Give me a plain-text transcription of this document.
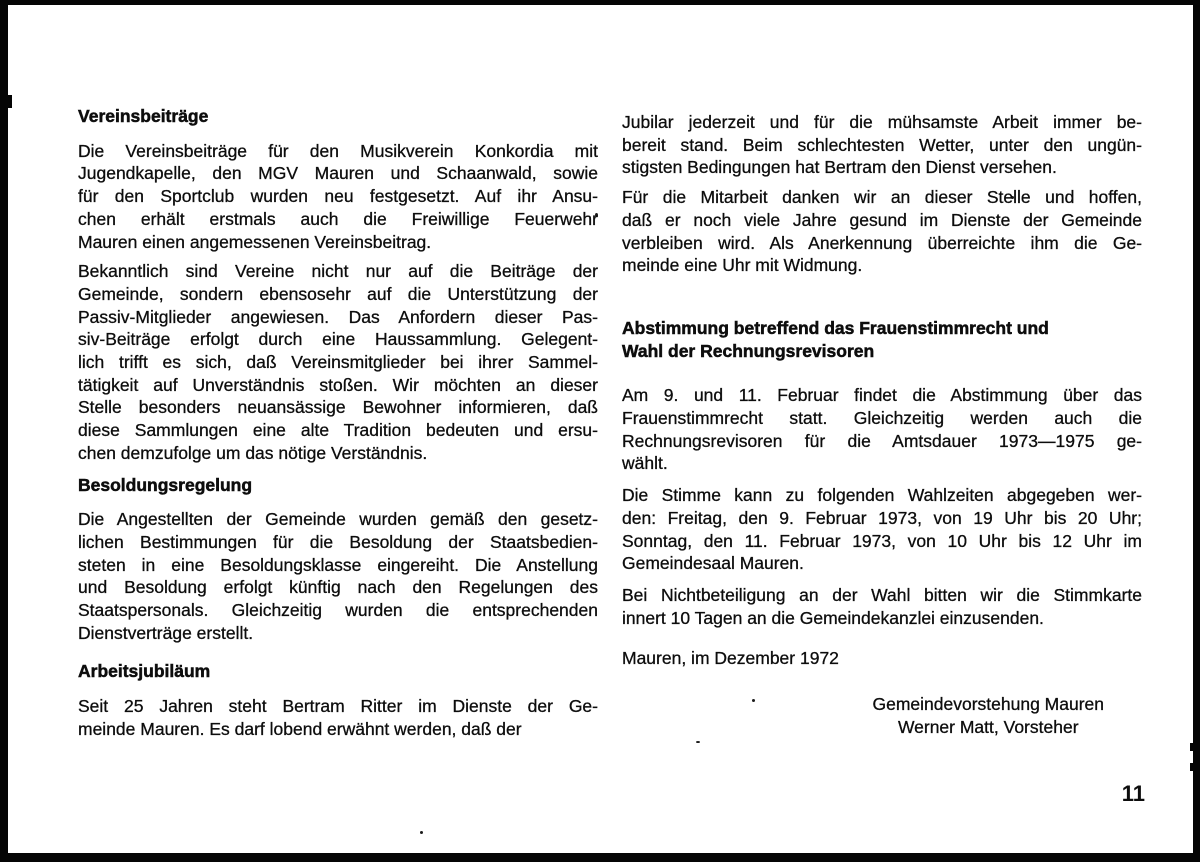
Vereinsbeiträge
Die Vereinsbeiträge für den Musikverein Konkordia mit
Jugendkapelle, den MGV Mauren und Schaanwald, sowie
für den Sportclub wurden neu festgesetzt. Auf ihr Ansu-
chen erhält erstmals auch die Freiwillige Feuerwehr
Mauren einen angemessenen Vereinsbeitrag.
Bekanntlich sind Vereine nicht nur auf die Beiträge der
Gemeinde, sondern ebensosehr auf die Unterstützung der
Passiv-Mitglieder angewiesen. Das Anfordern dieser Pas-
siv-Beiträge erfolgt durch eine Haussammlung. Gelegent-
lich trifft es sich, daß Vereinsmitglieder bei ihrer Sammel-
tätigkeit auf Unverständnis stoßen. Wir möchten an dieser
Stelle besonders neuansässige Bewohner informieren, daß
diese Sammlungen eine alte Tradition bedeuten und ersu-
chen demzufolge um das nötige Verständnis.
Besoldungsregelung
Die Angestellten der Gemeinde wurden gemäß den gesetz-
lichen Bestimmungen für die Besoldung der Staatsbedien-
steten in eine Besoldungsklasse eingereiht. Die Anstellung
und Besoldung erfolgt künftig nach den Regelungen des
Staatspersonals. Gleichzeitig wurden die entsprechenden
Dienstverträge erstellt.
Arbeitsjubiläum
Seit 25 Jahren steht Bertram Ritter im Dienste der Ge-
meinde Mauren. Es darf lobend erwähnt werden, daß der
Jubilar jederzeit und für die mühsamste Arbeit immer be-
bereit stand. Beim schlechtesten Wetter, unter den ungün-
stigsten Bedingungen hat Bertram den Dienst versehen.
Für die Mitarbeit danken wir an dieser Stelle und hoffen,
daß er noch viele Jahre gesund im Dienste der Gemeinde
verbleiben wird. Als Anerkennung überreichte ihm die Ge-
meinde eine Uhr mit Widmung.
Abstimmung betreffend das Frauenstimmrecht und
Wahl der Rechnungsrevisoren
Am 9. und 11. Februar findet die Abstimmung über das
Frauenstimmrecht statt. Gleichzeitig werden auch die
Rechnungsrevisoren für die Amtsdauer 1973—1975 ge-
wählt.
Die Stimme kann zu folgenden Wahlzeiten abgegeben wer-
den: Freitag, den 9. Februar 1973, von 19 Uhr bis 20 Uhr;
Sonntag, den 11. Februar 1973, von 10 Uhr bis 12 Uhr im
Gemeindesaal Mauren.
Bei Nichtbeteiligung an der Wahl bitten wir die Stimmkarte
innert 10 Tagen an die Gemeindekanzlei einzusenden.
Mauren, im Dezember 1972
Gemeindevorstehung Mauren
Werner Matt, Vorsteher
11
